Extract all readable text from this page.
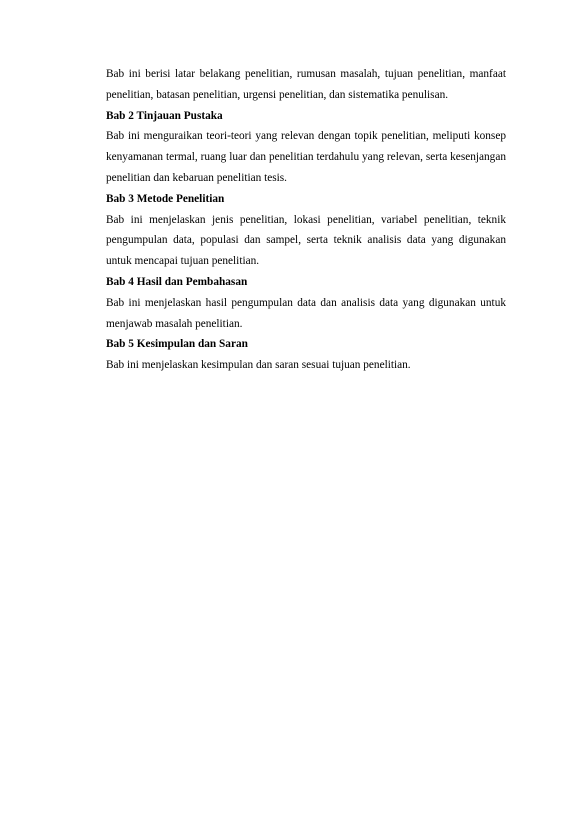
Bab ini berisi latar belakang penelitian, rumusan masalah, tujuan penelitian, manfaat penelitian, batasan penelitian, urgensi penelitian, dan sistematika penulisan.

Bab 2 Tinjauan Pustaka

Bab ini menguraikan teori-teori yang relevan dengan topik penelitian, meliputi konsep kenyamanan termal, ruang luar dan penelitian terdahulu yang relevan, serta kesenjangan penelitian dan kebaruan penelitian tesis.

Bab 3 Metode Penelitian

Bab ini menjelaskan jenis penelitian, lokasi penelitian, variabel penelitian, teknik pengumpulan data, populasi dan sampel, serta teknik analisis data yang digunakan untuk mencapai tujuan penelitian.

Bab 4 Hasil dan Pembahasan

Bab ini menjelaskan hasil pengumpulan data dan analisis data yang digunakan untuk menjawab masalah penelitian.

Bab 5 Kesimpulan dan Saran

Bab ini menjelaskan kesimpulan dan saran sesuai tujuan penelitian.
